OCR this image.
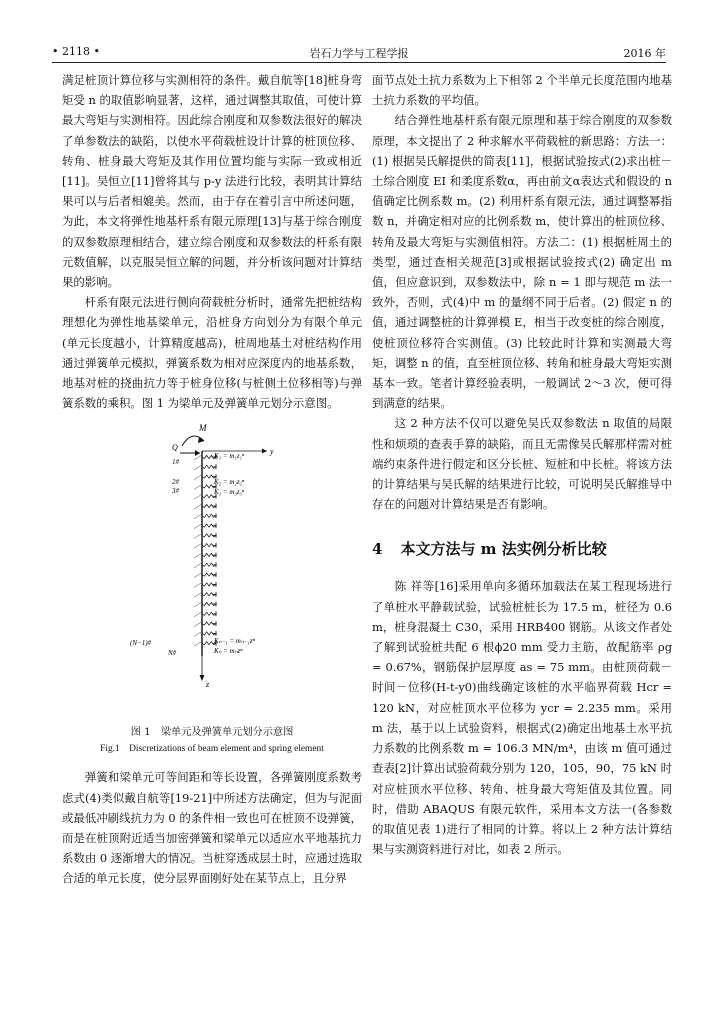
• 2118 •	岩石力学与工程学报	2016 年

满足桩顶计算位移与实测相符的条件。戴自航等[18]桩身弯矩受 n 的取值影响显著，这样，通过调整其取值，可使计算最大弯矩与实测相符。因此综合刚度和双参数法很好的解决了单参数法的缺陷，以使水平荷载桩设计计算的桩顶位移、转角、桩身最大弯矩及其作用位置均能与实际一致或相近[11]。吴恒立[11]曾将其与 p-y 法进行比较，表明其计算结果可以与后者相媲美。然而，由于存在着引言中所述问题，为此，本文将弹性地基杆系有限元原理[13]与基于综合刚度的双参数原理相结合，建立综合刚度和双参数法的杆系有限元数值解，以克服吴恒立解的问题，并分析该问题对计算结果的影响。

杆系有限元法进行侧向荷载桩分析时，通常先把桩结构理想化为弹性地基梁单元，沿桩身方向划分为有限个单元(单元长度越小，计算精度越高)，桩周地基土对桩结构作用通过弹簧单元模拟，弹簧系数为相对应深度内的地基系数，地基对桩的挠曲抗力等于桩身位移(与桩侧土位移相等)与弹簧系数的乘积。图 1 为梁单元及弹簧单元划分示意图。

M
Q	y
z
1#
2#
3#
(N−1)#
N#
K₁ = m₁z₁ⁿ
K₂ = m₂z₂ⁿ
K₃ = m₃z₃ⁿ
Kₙ₋₁ = mₙ₋₁zⁿ
Kₙ = mₙzⁿ
图 1　梁单元及弹簧单元划分示意图
Fig.1　Discretizations of beam element and spring element

弹簧和梁单元可等间距和等长设置，各弹簧刚度系数考虑式(4)类似戴自航等[19-21]中所述方法确定，但为与泥面或最低冲刷线抗力为 0 的条件相一致也可在桩顶不设弹簧，而是在桩顶附近适当加密弹簧和梁单元以适应水平地基抗力系数由 0 逐渐增大的情况。当桩穿透成层土时，应通过选取合适的单元长度，使分层界面刚好处在某节点上，且分界

面节点处土抗力系数为上下相邻 2 个半单元长度范围内地基土抗力系数的平均值。

结合弹性地基杆系有限元原理和基于综合刚度的双参数原理，本文提出了 2 种求解水平荷载桩的新思路：方法一：(1) 根据吴氏解提供的简表[11]，根据试验按式(2)求出桩－土综合刚度 EI 和柔度系数α，再由前文α表达式和假设的 n 值确定比例系数 m。(2) 利用杆系有限元法，通过调整幂指数 n，并确定相对应的比例系数 m，使计算出的桩顶位移、转角及最大弯矩与实测值相符。方法二：(1) 根据桩周土的类型，通过查相关规范[3]或根据试验按式(2) 确定出 m 值，但应意识到，双参数法中，除 n = 1 即与规范 m 法一致外，否则，式(4)中 m 的量纲不同于后者。(2) 假定 n 的值，通过调整桩的计算弹模 E，相当于改变桩的综合刚度，使桩顶位移符合实测值。(3) 比较此时计算和实测最大弯矩，调整 n 的值，直至桩顶位移、转角和桩身最大弯矩实测基本一致。笔者计算经验表明，一般调试 2～3 次，便可得到满意的结果。

这 2 种方法不仅可以避免吴氏双参数法 n 取值的局限性和烦琐的查表手算的缺陷，而且无需像吴氏解那样需对桩端约束条件进行假定和区分长桩、短桩和中长桩。将该方法的计算结果与吴氏解的结果进行比较，可说明吴氏解推导中存在的问题对计算结果是否有影响。

4 本文方法与 m 法实例分析比较

陈 祥等[16]采用单向多循环加载法在某工程现场进行了单桩水平静载试验，试验桩桩长为 17.5 m，桩径为 0.6 m，桩身混凝土 C30，采用 HRB400 钢筋。从该文作者处了解到试验桩共配 6 根ϕ20 mm 受力主筋，故配筋率 ρg = 0.67%，钢筋保护层厚度 as = 75 mm。由桩顶荷载－时间－位移(H-t-y0)曲线确定该桩的水平临界荷载 Hcr = 120 kN，对应桩顶水平位移为 ycr = 2.235 mm。采用 m 法，基于以上试验资料，根据式(2)确定出地基土水平抗力系数的比例系数 m = 106.3 MN/m⁴，由该 m 值可通过查表[2]计算出试验荷载分别为 120，105，90，75 kN 时对应桩顶水平位移、转角、桩身最大弯矩值及其位置。同时，借助 ABAQUS 有限元软件，采用本文方法一(各参数的取值见表 1)进行了相同的计算。将以上 2 种方法计算结果与实测资料进行对比，如表 2 所示。
